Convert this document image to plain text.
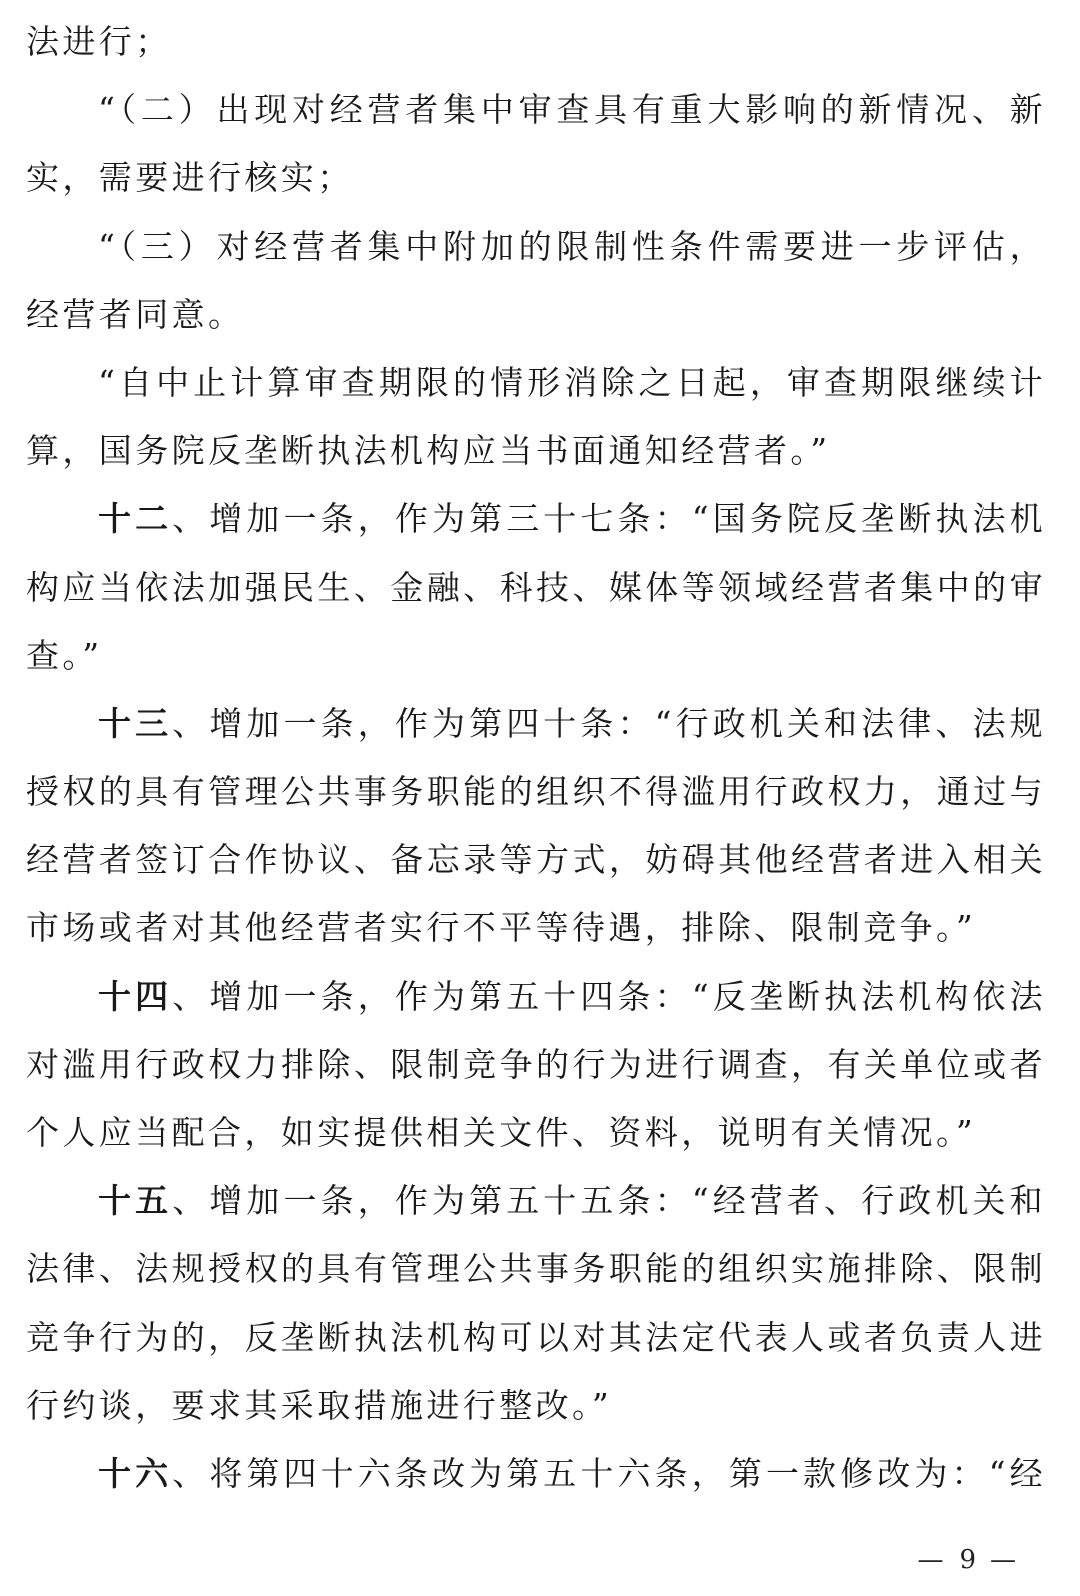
法进行；
“（二）出现对经营者集中审查具有重大影响的新情况、新
实，需要进行核实；
“（三）对经营者集中附加的限制性条件需要进一步评估，
经营者同意。
“自中止计算审查期限的情形消除之日起，审查期限继续计
算，国务院反垄断执法机构应当书面通知经营者。”
十二、增加一条，作为第三十七条：“国务院反垄断执法机
构应当依法加强民生、金融、科技、媒体等领域经营者集中的审
查。”
十三、增加一条，作为第四十条：“行政机关和法律、法规
授权的具有管理公共事务职能的组织不得滥用行政权力，通过与
经营者签订合作协议、备忘录等方式，妨碍其他经营者进入相关
市场或者对其他经营者实行不平等待遇，排除、限制竞争。”
十四、增加一条，作为第五十四条：“反垄断执法机构依法
对滥用行政权力排除、限制竞争的行为进行调查，有关单位或者
个人应当配合，如实提供相关文件、资料，说明有关情况。”
十五、增加一条，作为第五十五条：“经营者、行政机关和
法律、法规授权的具有管理公共事务职能的组织实施排除、限制
竞争行为的，反垄断执法机构可以对其法定代表人或者负责人进
行约谈，要求其采取措施进行整改。”
十六、将第四十六条改为第五十六条，第一款修改为：“经
— 9 —
